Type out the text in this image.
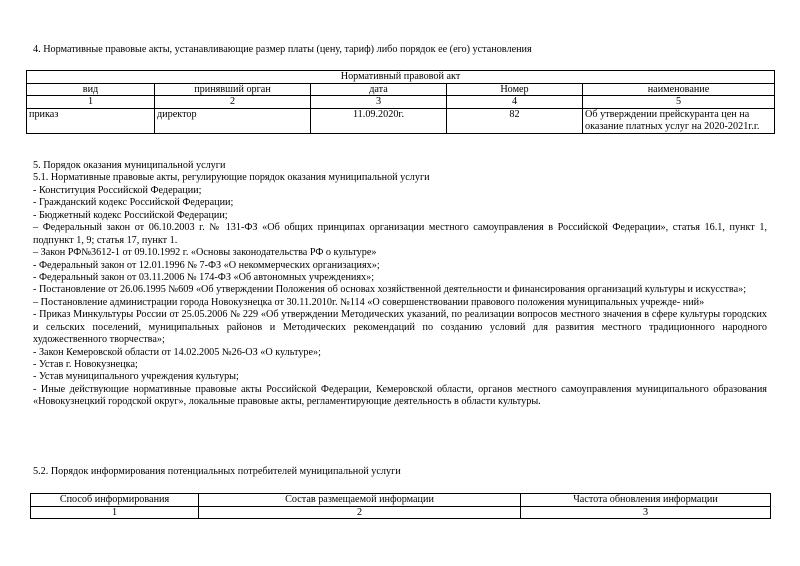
4. Нормативные правовые акты, устанавливающие размер платы (цену, тариф) либо порядок ее (его) установления
Нормативный правовой акт				
вид	принявший орган	дата	Номер	наименование
1	2	3	4	5
приказ	директор	11.09.2020г.	82	Об утверждении прейскуранта цен на оказание платных услуг на 2020-2021г.г.

5. Порядок оказания муниципальной услуги

5.1. Нормативные правовые акты, регулирующие порядок оказания муниципальной услуги

- Конституция Российской Федерации;

- Гражданский кодекс Российской Федерации;

- Бюджетный кодекс Российской Федерации;

– Федеральный закон от 06.10.2003 г. № 131-ФЗ «Об общих принципах организации местного самоуправления в Российской Федерации», статья 16.1, пункт 1, подпункт 1, 9; статья 17, пункт 1.

– Закон РФ№3612-1 от 09.10.1992 г. «Основы законодательства РФ о культуре»

- Федеральный закон от 12.01.1996 № 7-ФЗ «О некоммерческих организациях»;

- Федеральный закон от 03.11.2006 № 174-ФЗ «Об автономных учреждениях»;

- Постановление от 26.06.1995 №609 «Об утверждении Положения об основах хозяйственной деятельности и финансирования организаций культуры и искусства»;

– Постановление администрации города Новокузнецка от 30.11.2010г. №114 «О совершенствовании правового положения муниципальных учрежде- ний»

- Приказ Минкультуры России от 25.05.2006 № 229 «Об утверждении Методических указаний, по реализации вопросов местного значения в сфере культуры городских и сельских поселений, муниципальных районов и Методических рекомендаций по созданию условий для развития местного традиционного народного художественного творчества»;

- Закон Кемеровской области от 14.02.2005 №26-ОЗ «О культуре»;

- Устав г. Новокузнецка;

- Устав муниципального учреждения культуры;

- Иные действующие нормативные правовые акты Российской Федерации, Кемеровской области, органов местного самоуправления муниципального образования «Новокузнецкий городской округ», локальные правовые акты, регламентирующие деятельность в области культуры.

5.2. Порядок информирования потенциальных потребителей муниципальной услуги
Способ информирования	Состав размещаемой информации	Частота обновления информации
1	2	3
